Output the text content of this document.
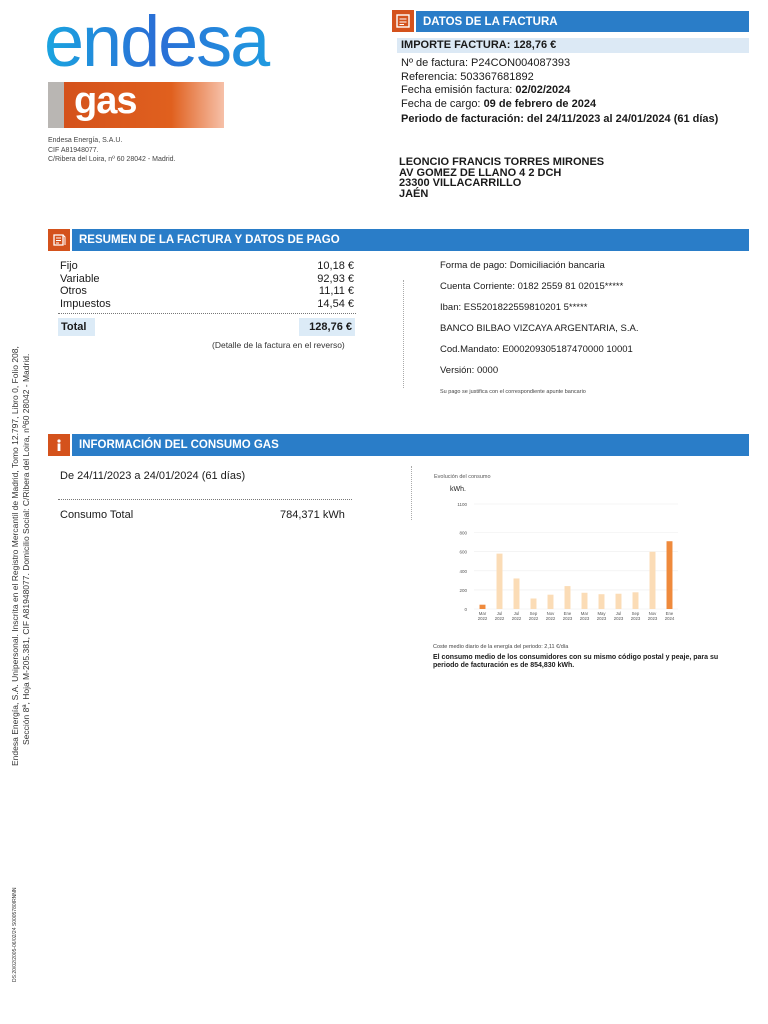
endesa
gas
Endesa Energía, S.A.U.
CIF A81948077.
C/Ribera del Loira, nº 60 28042 - Madrid.
DATOS DE LA FACTURA
IMPORTE FACTURA: 128,76 €
Nº de factura: P24CON004087393
Referencia: 503367681892
Fecha emisión factura: 02/02/2024
Fecha de cargo: 09 de febrero de 2024
Periodo de facturación: del 24/11/2023 al 24/01/2024 (61 días)
LEONCIO FRANCIS TORRES MIRONES
AV GOMEZ DE LLANO 4 2 DCH
23300 VILLACARRILLO
JAÉN
RESUMEN DE LA FACTURA Y DATOS DE PAGO
Fijo	10,18 €
Variable	92,93 €
Otros	11,11 €
Impuestos	14,54 €
Total	128,76 €
(Detalle de la factura en el reverso)
Forma de pago: Domiciliación bancaria
Cuenta Corriente: 0182 2559 81 02015*****
Iban: ES5201822559810201 5*****
BANCO BILBAO VIZCAYA ARGENTARIA, S.A.
Cod.Mandato: E000209305187470000 10001
Versión: 0000
Su pago se justifica con el correspondiente apunte bancario
INFORMACIÓN DEL CONSUMO GAS
De 24/11/2023 a 24/01/2024 (61 días)
Consumo Total	784,371 kWh
Evolución del consumo
kWh.
0
200
400
600
800
1100
Mar
2022
Jul
2022
Jul
2022
Sep
2022
Nov
2022
Ene
2023
Mar
2023
May
2023
Jul
2023
Sep
2023
Nov
2023
Ene
2024
Coste medio diario de la energía del periodo: 2,11 €/día
El consumo medio de los consumidores con su mismo código postal y peaje, para su
periodo de facturación es de 854,830 kWh.
Endesa Energía, S.A. Unipersonal. Inscrita en el Registro Mercantil de Madrid, Tomo 12.797, Libro 0, Folio 208, Sección 8ª, Hoja M-205.381, CIF A81948077. Domicilio Social: C/Ribera del Loira, nº60 28042 - Madrid.
DS:20/02/2005-06/02/24 S0005780IRNNN
